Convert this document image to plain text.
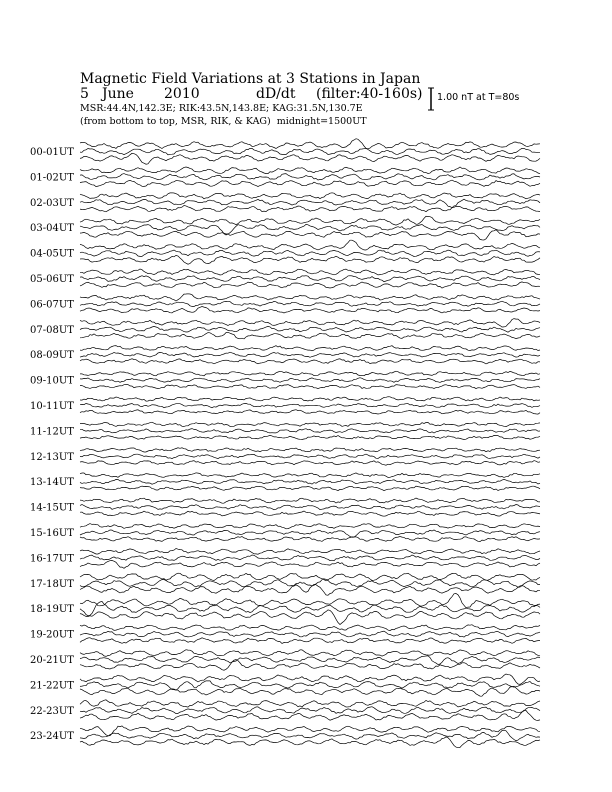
Magnetic Field Variations at 3 Stations in Japan
5 June 2010	dD/dt (filter:40-160s)
MSR:44.4N,142.3E; RIK:43.5N,143.8E; KAG:31.5N,130.7E
(from bottom to top, MSR, RIK, & KAG) midnight=1500UT
1.00 nT at T=80s
00-01UT
01-02UT
02-03UT
03-04UT
04-05UT
05-06UT
06-07UT
07-08UT
08-09UT
09-10UT
10-11UT
11-12UT
12-13UT
13-14UT
14-15UT
15-16UT
16-17UT
17-18UT
18-19UT
19-20UT
20-21UT
21-22UT
22-23UT
23-24UT
